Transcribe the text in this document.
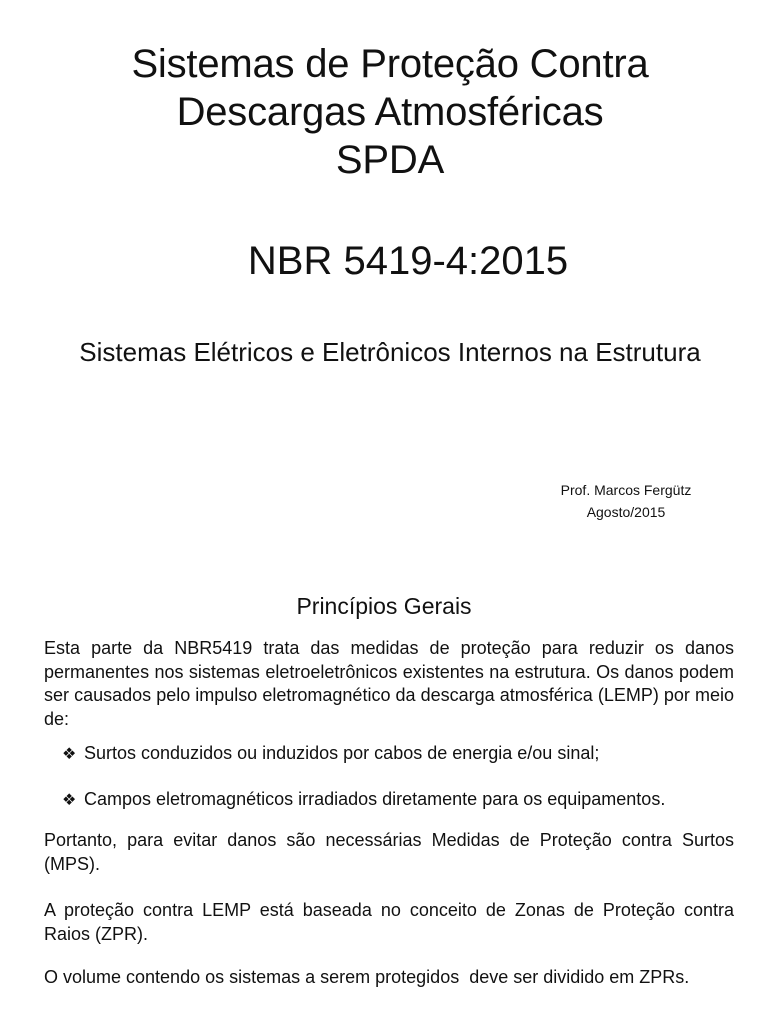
Sistemas de Proteção Contra
Descargas Atmosféricas
SPDA
NBR 5419-4:2015
Sistemas Elétricos e Eletrônicos Internos na Estrutura
Prof. Marcos Fergütz
Agosto/2015
Princípios Gerais
Esta parte da NBR5419 trata das medidas de proteção para reduzir os danos permanentes nos sistemas eletroeletrônicos existentes na estrutura. Os danos podem ser causados pelo impulso eletromagnético da descarga atmosférica (LEMP) por meio de:
❖ Surtos conduzidos ou induzidos por cabos de energia e/ou sinal;
❖ Campos eletromagnéticos irradiados diretamente para os equipamentos.
Portanto, para evitar danos são necessárias Medidas de Proteção contra Surtos (MPS).
A proteção contra LEMP está baseada no conceito de Zonas de Proteção contra Raios (ZPR).
O volume contendo os sistemas a serem protegidos  deve ser dividido em ZPRs.
